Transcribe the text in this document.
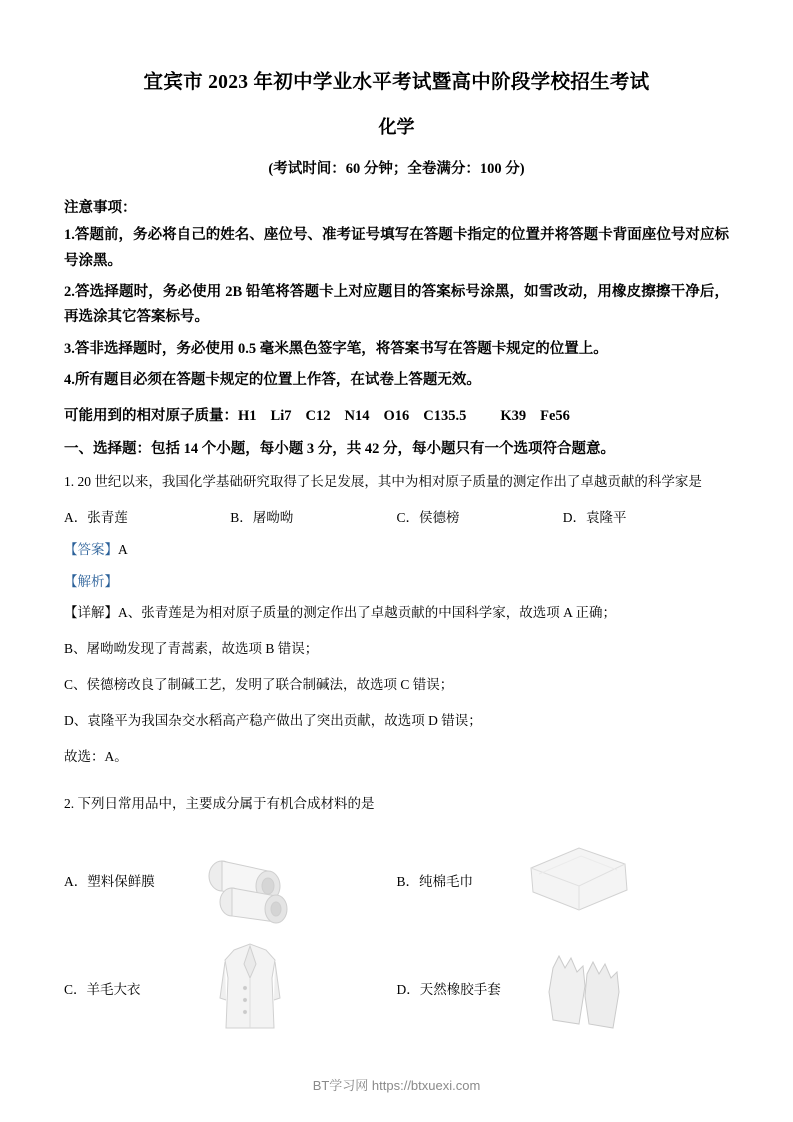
宜宾市 2023 年初中学业水平考试暨高中阶段学校招生考试
化学
(考试时间：60 分钟；全卷满分：100 分)
注意事项：
1.答题前，务必将自己的姓名、座位号、准考证号填写在答题卡指定的位置并将答题卡背面座位号对应标号涂黑。
2.答选择题时，务必使用 2B 铅笔将答题卡上对应题目的答案标号涂黑，如雪改动，用橡皮擦擦干净后，再选涂其它答案标号。
3.答非选择题时，务必使用 0.5 毫米黑色签字笔，将答案书写在答题卡规定的位置上。
4.所有题目必须在答题卡规定的位置上作答，在试卷上答题无效。
可能用到的相对原子质量：H1 Li7 C12 N14 O16 C135.5 K39 Fe56
一、选择题：包括 14 个小题，每小题 3 分，共 42 分，每小题只有一个选项符合题意。
1. 20 世纪以来，我国化学基础研究取得了长足发展，其中为相对原子质量的测定作出了卓越贡献的科学家是
A．张青莲	B．屠呦呦	C．侯德榜	D．袁隆平
【答案】A
【解析】
【详解】A、张青莲是为相对原子质量的测定作出了卓越贡献的中国科学家，故选项 A 正确；
B、屠呦呦发现了青蒿素，故选项 B 错误；
C、侯德榜改良了制碱工艺，发明了联合制碱法，故选项 C 错误；
D、袁隆平为我国杂交水稻高产稳产做出了突出贡献，故选项 D 错误；
故选：A。
2. 下列日常用品中，主要成分属于有机合成材料的是
A．塑料保鲜膜	B．纯棉毛巾
C．羊毛大衣	D．天然橡胶手套
BT学习网 https://btxuexi.com
